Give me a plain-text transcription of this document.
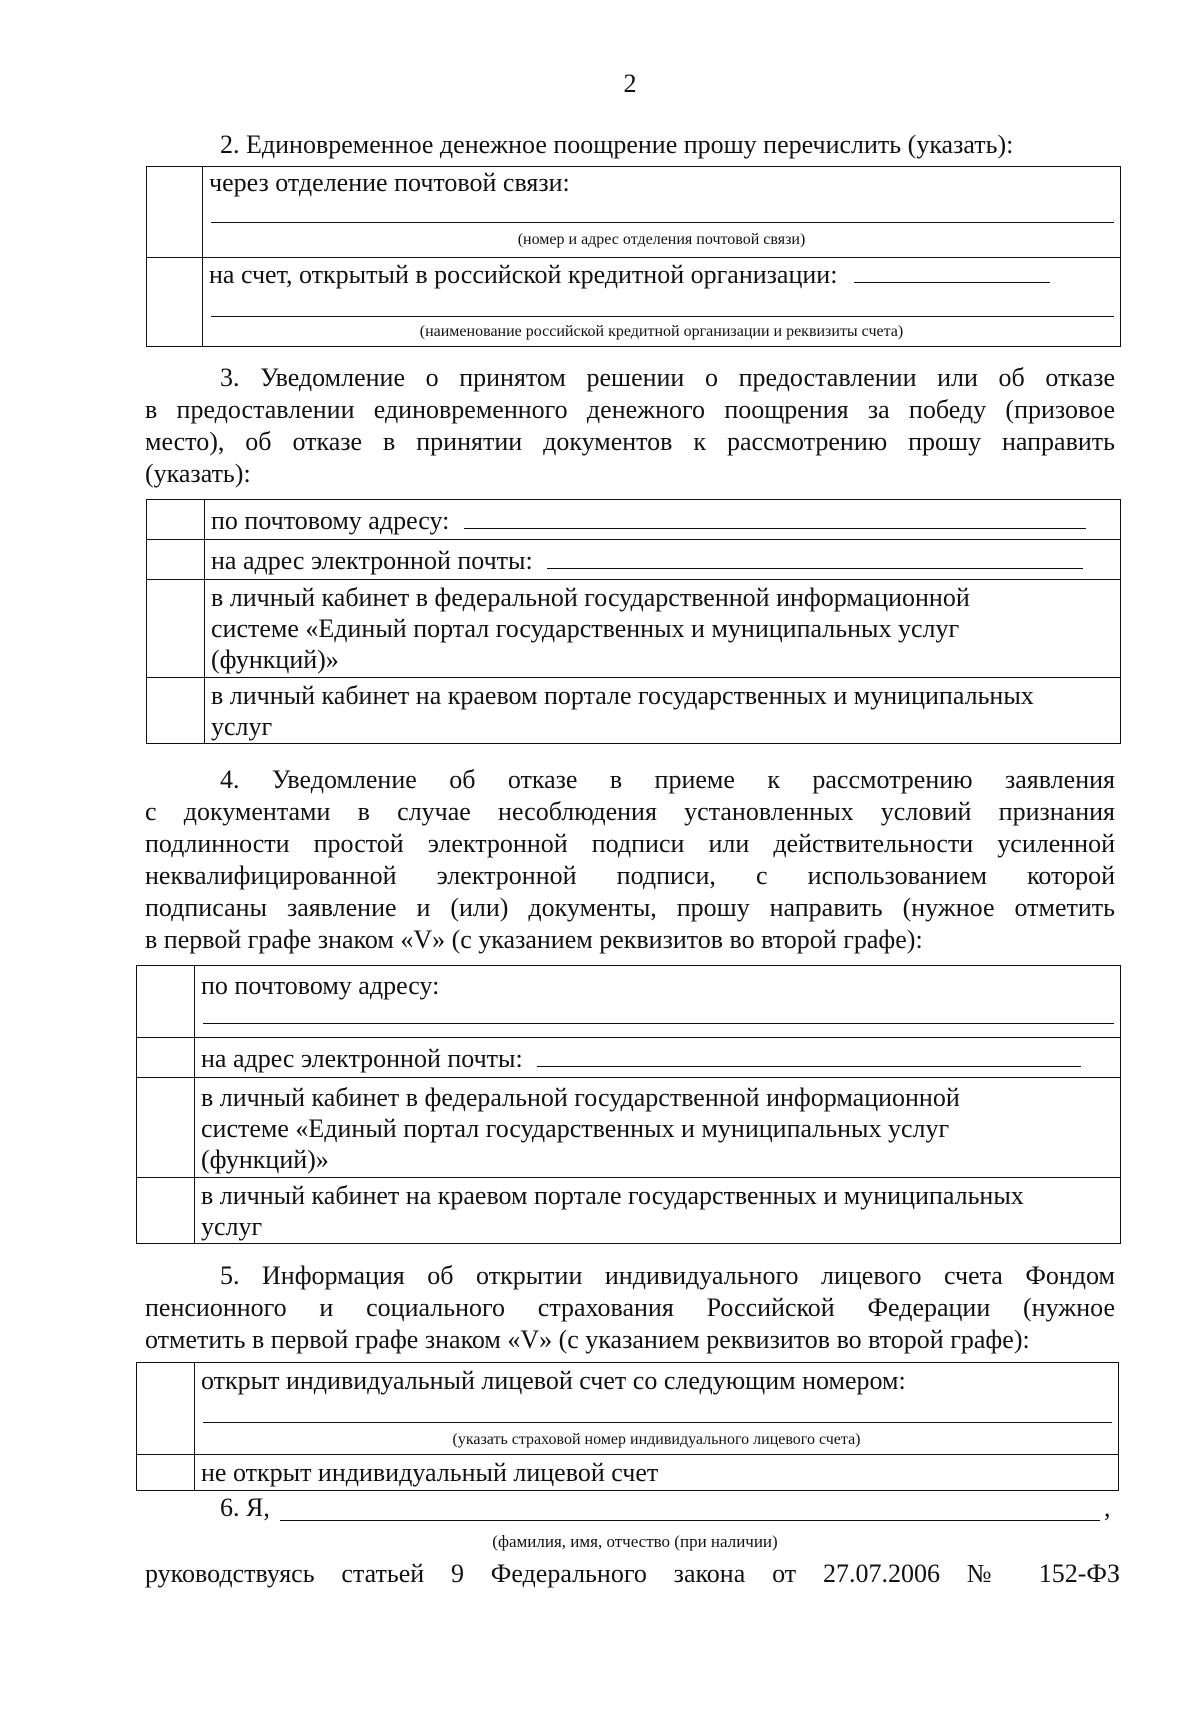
2
2. Единовременное денежное поощрение прошу перечислить (указать):

	через отделение почтовой связи:
(номер и адрес отделения почтовой связи)

	на счет, открытый в российской кредитной организации:
(наименование российской кредитной организации и реквизиты счета)
3. Уведомление о принятом решении о предоставлении или об отказе
в предоставлении единовременного денежного поощрения за победу (призовое
место), об отказе в принятии документов к рассмотрению прошу направить
(указать):
	по почтовому адресу:
	на адрес электронной почты:

	в личный кабинет в федеральной государственной информационной
системе «Единый портал государственных и муниципальных услуг
(функций)»

	в личный кабинет на краевом портале государственных и муниципальных
услуг
4. Уведомление об отказе в приеме к рассмотрению заявления
с документами в случае несоблюдения установленных условий признания
подлинности простой электронной подписи или действительности усиленной
неквалифицированной электронной подписи, с использованием которой
подписаны заявление и (или) документы, прошу направить (нужное отметить
в первой графе знаком «V» (с указанием реквизитов во второй графе):

	по почтовому адресу:

	на адрес электронной почты:

	в личный кабинет в федеральной государственной информационной
системе «Единый портал государственных и муниципальных услуг
(функций)»

	в личный кабинет на краевом портале государственных и муниципальных
услуг
5. Информация об открытии индивидуального лицевого счета Фондом
пенсионного и социального страхования Российской Федерации (нужное
отметить в первой графе знаком «V» (с указанием реквизитов во второй графе):

	открыт индивидуальный лицевой счет со следующим номером:
(указать страховой номер индивидуального лицевого счета)

	не открыт индивидуальный лицевой счет
6. Я,	,
(фамилия, имя, отчество (при наличии)
руководствуясь статьей 9 Федерального закона от 27.07.2006 № 152-ФЗ
